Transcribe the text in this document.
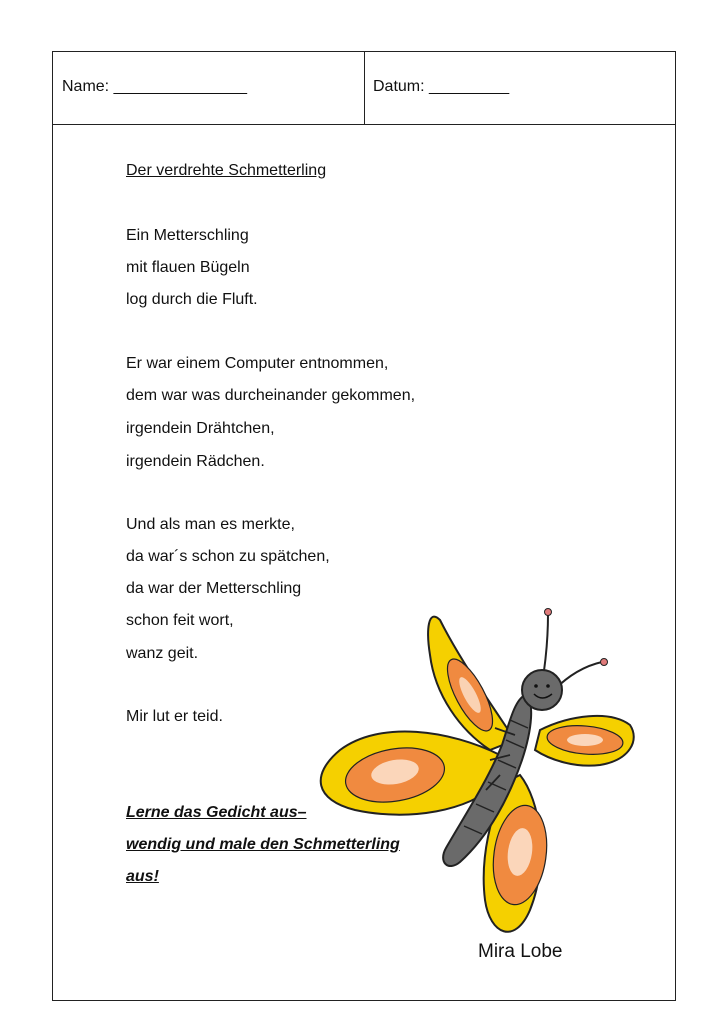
Name: _______________	Datum: _________
Der verdrehte Schmetterling
Ein Metterschling
mit flauen Bügeln
log durch die Fluft.
Er war einem Computer entnommen,
dem war was durcheinander gekommen,
irgendein Drähtchen,
irgendein Rädchen.
Und als man es merkte,
da war´s schon zu spätchen,
da war der Metterschling
schon feit wort,
wanz geit.
Mir lut er teid.
Lerne das Gedicht aus–
wendig und male den Schmetterling
aus!
Mira Lobe
